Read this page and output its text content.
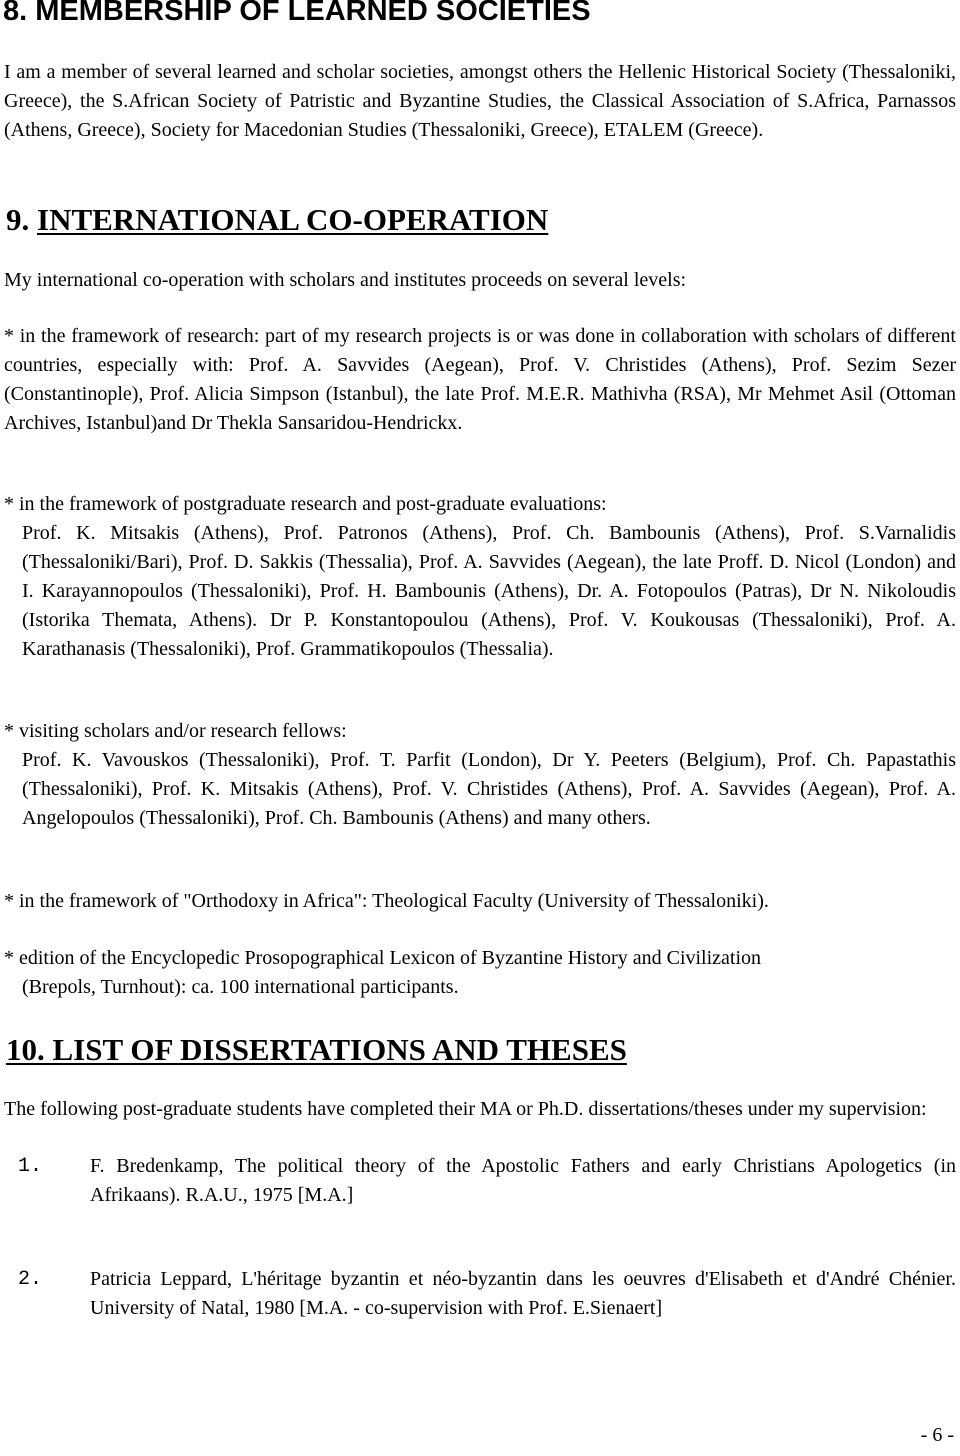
8. MEMBERSHIP OF LEARNED SOCIETIES

I am a member of several learned and scholar societies, amongst others the Hellenic Historical Society (Thessaloniki, Greece), the S.African Society of Patristic and Byzantine Studies, the Classical Association of S.Africa, Parnassos (Athens, Greece), Society for Macedonian Studies (Thessaloniki, Greece), ETALEM (Greece).

9. INTERNATIONAL CO-OPERATION

My international co-operation with scholars and institutes proceeds on several levels:

* in the framework of research: part of my research projects is or was done in collaboration with scholars of different countries, especially with: Prof. A. Savvides (Aegean), Prof. V. Christides (Athens), Prof. Sezim Sezer (Constantinople), Prof. Alicia Simpson (Istanbul), the late Prof. M.E.R. Mathivha (RSA), Mr Mehmet Asil (Ottoman Archives, Istanbul)and Dr Thekla Sansaridou-Hendrickx.

* in the framework of postgraduate research and post-graduate evaluations:
Prof. K. Mitsakis (Athens), Prof. Patronos (Athens), Prof. Ch. Bambounis (Athens), Prof. S.Varnalidis (Thessaloniki/Bari), Prof. D. Sakkis (Thessalia), Prof. A. Savvides (Aegean), the late Proff. D. Nicol (London) and I. Karayannopoulos (Thessaloniki), Prof. H. Bambounis (Athens), Dr. A. Fotopoulos (Patras), Dr N. Nikoloudis (Istorika Themata, Athens). Dr P. Konstantopoulou (Athens), Prof. V. Koukousas (Thessaloniki), Prof. A. Karathanasis (Thessaloniki), Prof. Grammatikopoulos (Thessalia).

* visiting scholars and/or research fellows:
Prof. K. Vavouskos (Thessaloniki), Prof. T. Parfit (London), Dr Y. Peeters (Belgium), Prof. Ch. Papastathis (Thessaloniki), Prof. K. Mitsakis (Athens), Prof. V. Christides (Athens), Prof. A. Savvides (Aegean), Prof. A. Angelopoulos (Thessaloniki), Prof. Ch. Bambounis (Athens) and many others.

* in the framework of "Orthodoxy in Africa": Theological Faculty (University of Thessaloniki).

* edition of the Encyclopedic Prosopographical Lexicon of Byzantine History and Civilization
(Brepols, Turnhout): ca. 100 international participants.

10. LIST OF DISSERTATIONS AND THESES

The following post-graduate students have completed their MA or Ph.D. dissertations/theses under my supervision:

1.	F. Bredenkamp, The political theory of the Apostolic Fathers and early Christians Apologetics (in Afrikaans). R.A.U., 1975 [M.A.]
2.	Patricia Leppard, L'héritage byzantin et néo-byzantin dans les oeuvres d'Elisabeth et d'André Chénier. University of Natal, 1980 [M.A. - co-supervision with Prof. E.Sienaert]
- 6 -
